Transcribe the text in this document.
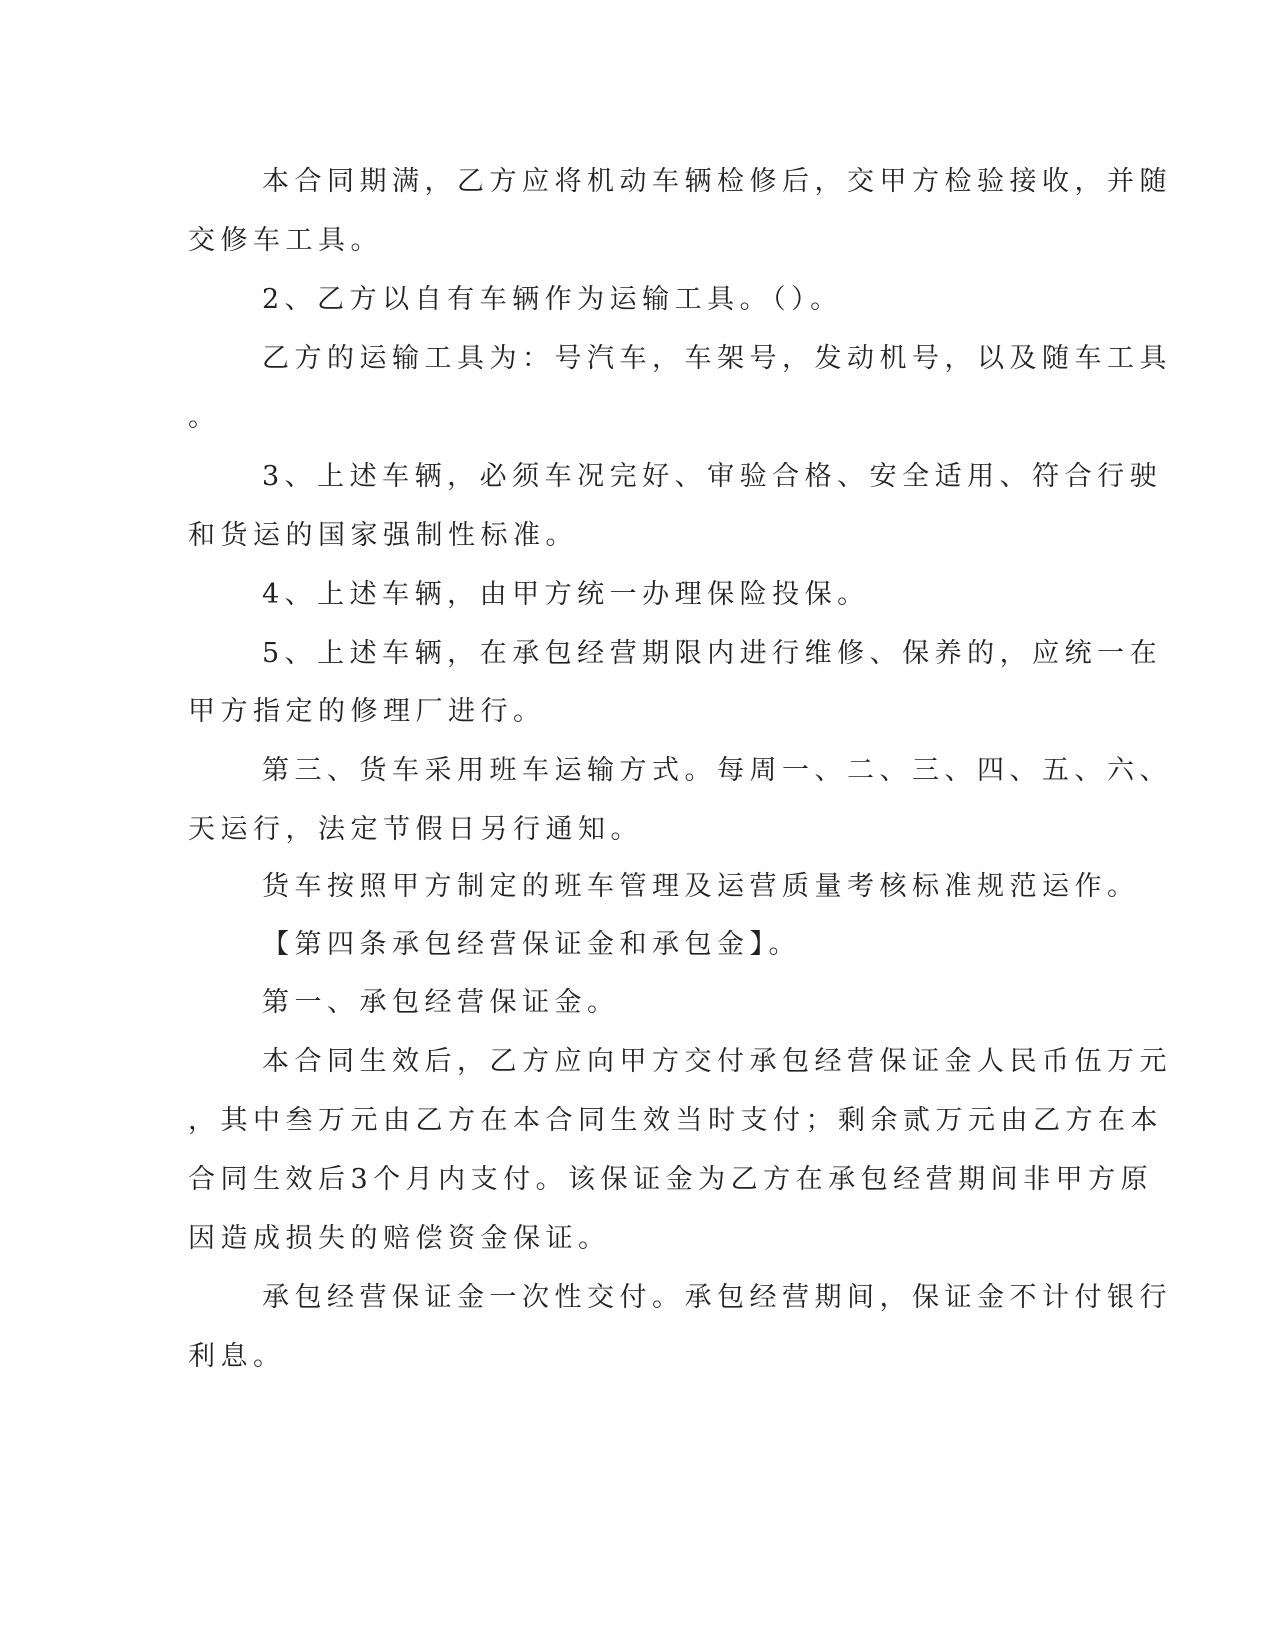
本合同期满，乙方应将机动车辆检修后，交甲方检验接收，并随
交修车工具。
2、乙方以自有车辆作为运输工具。（）。
乙方的运输工具为：号汽车，车架号，发动机号，以及随车工具
。
3、上述车辆，必须车况完好、审验合格、安全适用、符合行驶
和货运的国家强制性标准。
4、上述车辆，由甲方统一办理保险投保。
5、上述车辆，在承包经营期限内进行维修、保养的，应统一在
甲方指定的修理厂进行。
第三、货车采用班车运输方式。每周一、二、三、四、五、六、
天运行，法定节假日另行通知。
货车按照甲方制定的班车管理及运营质量考核标准规范运作。
【第四条承包经营保证金和承包金】。
第一、承包经营保证金。
本合同生效后，乙方应向甲方交付承包经营保证金人民币伍万元
，其中叁万元由乙方在本合同生效当时支付；剩余贰万元由乙方在本
合同生效后3个月内支付。该保证金为乙方在承包经营期间非甲方原
因造成损失的赔偿资金保证。
承包经营保证金一次性交付。承包经营期间，保证金不计付银行
利息。
